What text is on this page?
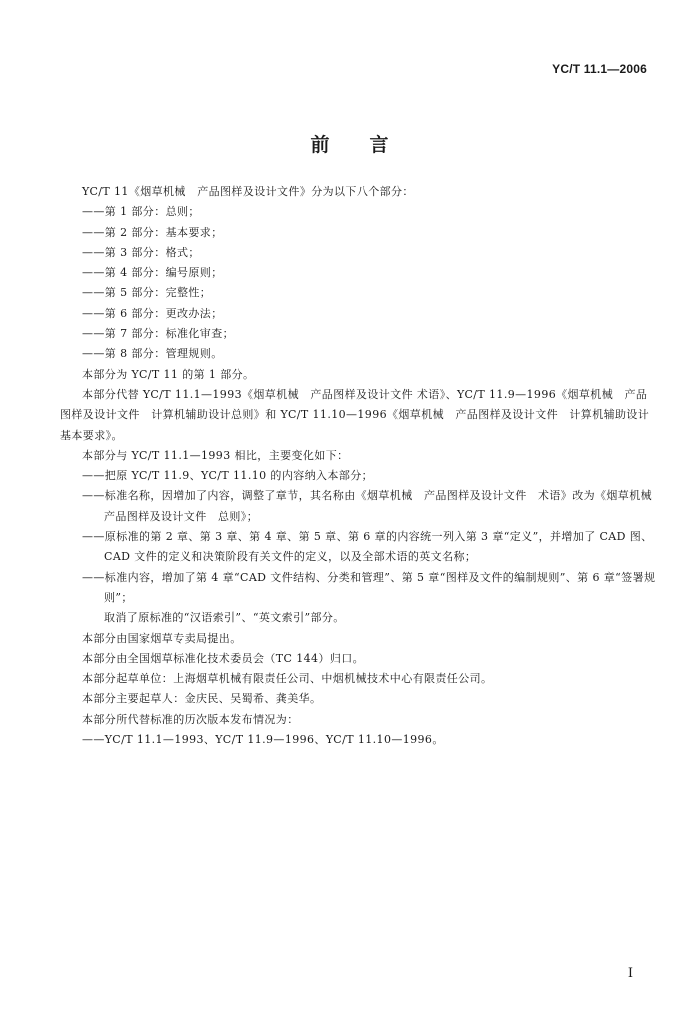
YC/T 11.1—2006
前言

YC/T 11《烟草机械　产品图样及设计文件》分为以下八个部分：

——第 1 部分：总则；

——第 2 部分：基本要求；

——第 3 部分：格式；

——第 4 部分：编号原则；

——第 5 部分：完整性；

——第 6 部分：更改办法；

——第 7 部分：标准化审查；

——第 8 部分：管理规则。

本部分为 YC/T 11 的第 1 部分。

本部分代替 YC/T 11.1—1993《烟草机械　产品图样及设计文件 术语》、YC/T 11.9—1996《烟草机械　产品图样及设计文件　计算机辅助设计总则》和 YC/T 11.10—1996《烟草机械　产品图样及设计文件　计算机辅助设计基本要求》。

本部分与 YC/T 11.1—1993 相比，主要变化如下：

——把原 YC/T 11.9、YC/T 11.10 的内容纳入本部分；

——标准名称，因增加了内容，调整了章节，其名称由《烟草机械　产品图样及设计文件　术语》改为《烟草机械　产品图样及设计文件　总则》；

——原标准的第 2 章、第 3 章、第 4 章、第 5 章、第 6 章的内容统一列入第 3 章“定义”，并增加了 CAD 图、CAD 文件的定义和决策阶段有关文件的定义，以及全部术语的英文名称；

——标准内容，增加了第 4 章“CAD 文件结构、分类和管理”、第 5 章“图样及文件的编制规则”、第 6 章“签署规则”；

取消了原标准的“汉语索引”、“英文索引”部分。

本部分由国家烟草专卖局提出。

本部分由全国烟草标准化技术委员会（TC 144）归口。

本部分起草单位：上海烟草机械有限责任公司、中烟机械技术中心有限责任公司。

本部分主要起草人：金庆民、吴蜀希、龚美华。

本部分所代替标准的历次版本发布情况为：

——YC/T 11.1—1993、YC/T 11.9—1996、YC/T 11.10—1996。

I
